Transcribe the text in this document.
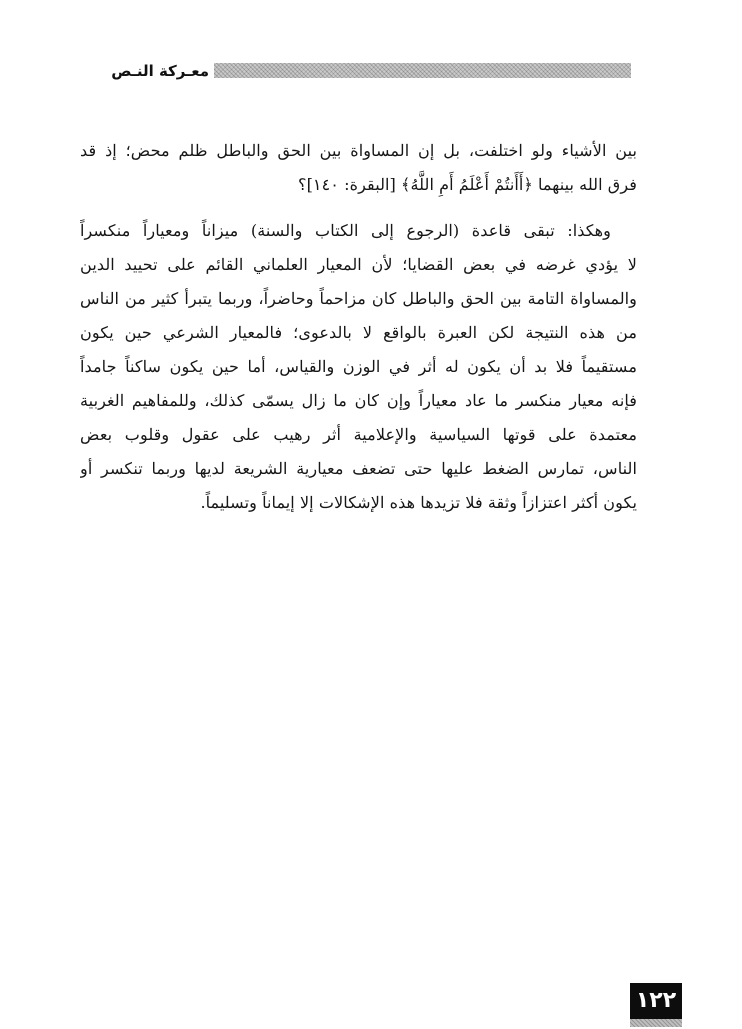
معـركة النـص
بين الأشياء ولو اختلفت، بل إن المساواة بين الحق والباطل ظلم محض؛ إذ قد
فرق الله بينهما ﴿أَأَنتُمْ أَعْلَمُ أَمِ اللَّهُ﴾ [البقرة: ١٤٠]؟
وهكذا: تبقى قاعدة (الرجوع إلى الكتاب والسنة) ميزاناً ومعياراً منكسراً
لا يؤدي غرضه في بعض القضايا؛ لأن المعيار العلماني القائم على تحييد الدين
والمساواة التامة بين الحق والباطل كان مزاحماً وحاضراً، وربما يتبرأ كثير من الناس
من هذه النتيجة لكن العبرة بالواقع لا بالدعوى؛ فالمعيار الشرعي حين يكون
مستقيماً فلا بد أن يكون له أثر في الوزن والقياس، أما حين يكون ساكناً جامداً
فإنه معيار منكسر ما عاد معياراً وإن كان ما زال يسمّى كذلك، وللمفاهيم الغربية
معتمدة على قوتها السياسية والإعلامية أثر رهيب على عقول وقلوب بعض
الناس، تمارس الضغط عليها حتى تضعف معيارية الشريعة لديها وربما تنكسر أو
يكون أكثر اعتزازاً وثقة فلا تزيدها هذه الإشكالات إلا إيماناً وتسليماً.
١٢٢
